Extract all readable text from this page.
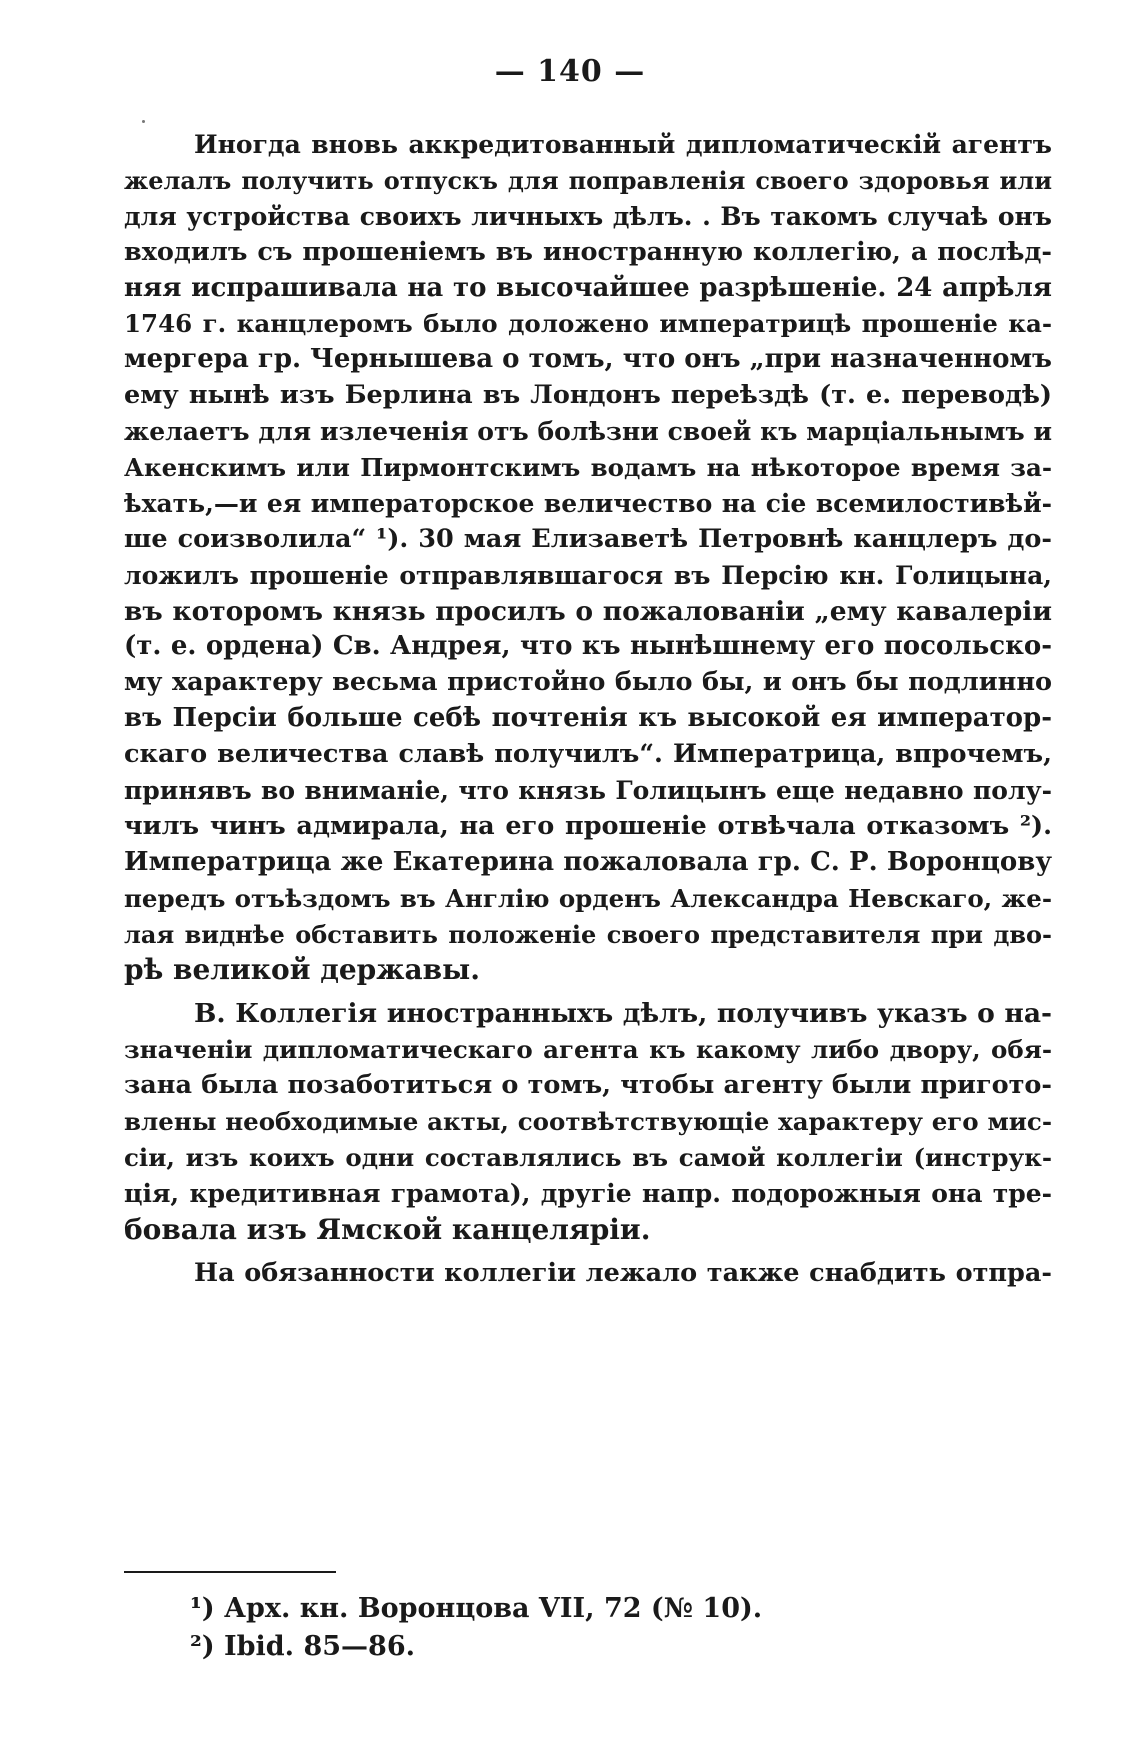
— 140 —
Иногда вновь аккредитованный дипломатическій агентъ
желалъ получить отпускъ для поправленія своего здоровья или
для устройства своихъ личныхъ дѣлъ. . Въ такомъ случаѣ онъ
входилъ съ прошеніемъ въ иностранную коллегію, а послѣд-
няя испрашивала на то высочайшее разрѣшеніе. 24 апрѣля
1746 г. канцлеромъ было доложено императрицѣ прошеніе ка-
мергера гр. Чернышева о томъ, что онъ „при назначенномъ
ему нынѣ изъ Берлина въ Лондонъ переѣздѣ (т. е. переводѣ)
желаетъ для излеченія отъ болѣзни своей къ марціальнымъ и
Акенскимъ или Пирмонтскимъ водамъ на нѣкоторое время за-
ѣхать,—и ея императорское величество на сіе всемилостивѣй-
ше соизволила“ ¹). 30 мая Елизаветѣ Петровнѣ канцлеръ до-
ложилъ прошеніе отправлявшагося въ Персію кн. Голицына,
въ которомъ князь просилъ о пожалованіи „ему кавалеріи
(т. е. ордена) Св. Андрея, что къ нынѣшнему его посольско-
му характеру весьма пристойно было бы, и онъ бы подлинно
въ Персіи больше себѣ почтенія къ высокой ея император-
скаго величества славѣ получилъ“. Императрица, впрочемъ,
принявъ во вниманіе, что князь Голицынъ еще недавно полу-
чилъ чинъ адмирала, на его прошеніе отвѣчала отказомъ ²).
Императрица же Екатерина пожаловала гр. С. Р. Воронцову
передъ отъѣздомъ въ Англію орденъ Александра Невскаго, же-
лая виднѣе обставить положеніе своего представителя при дво-
рѣ великой державы.
В. Коллегія иностранныхъ дѣлъ, получивъ указъ о на-
значеніи дипломатическаго агента къ какому либо двору, обя-
зана была позаботиться о томъ, чтобы агенту были пригото-
влены необходимые акты, соотвѣтствующіе характеру его мис-
сіи, изъ коихъ одни составлялись въ самой коллегіи (инструк-
ція, кредитивная грамота), другіе напр. подорожныя она тре-
бовала изъ Ямской канцеляріи.
На обязанности коллегіи лежало также снабдить отпра-
¹) Арх. кн. Воронцова VII, 72 (№ 10).
²) Ibid. 85—86.
